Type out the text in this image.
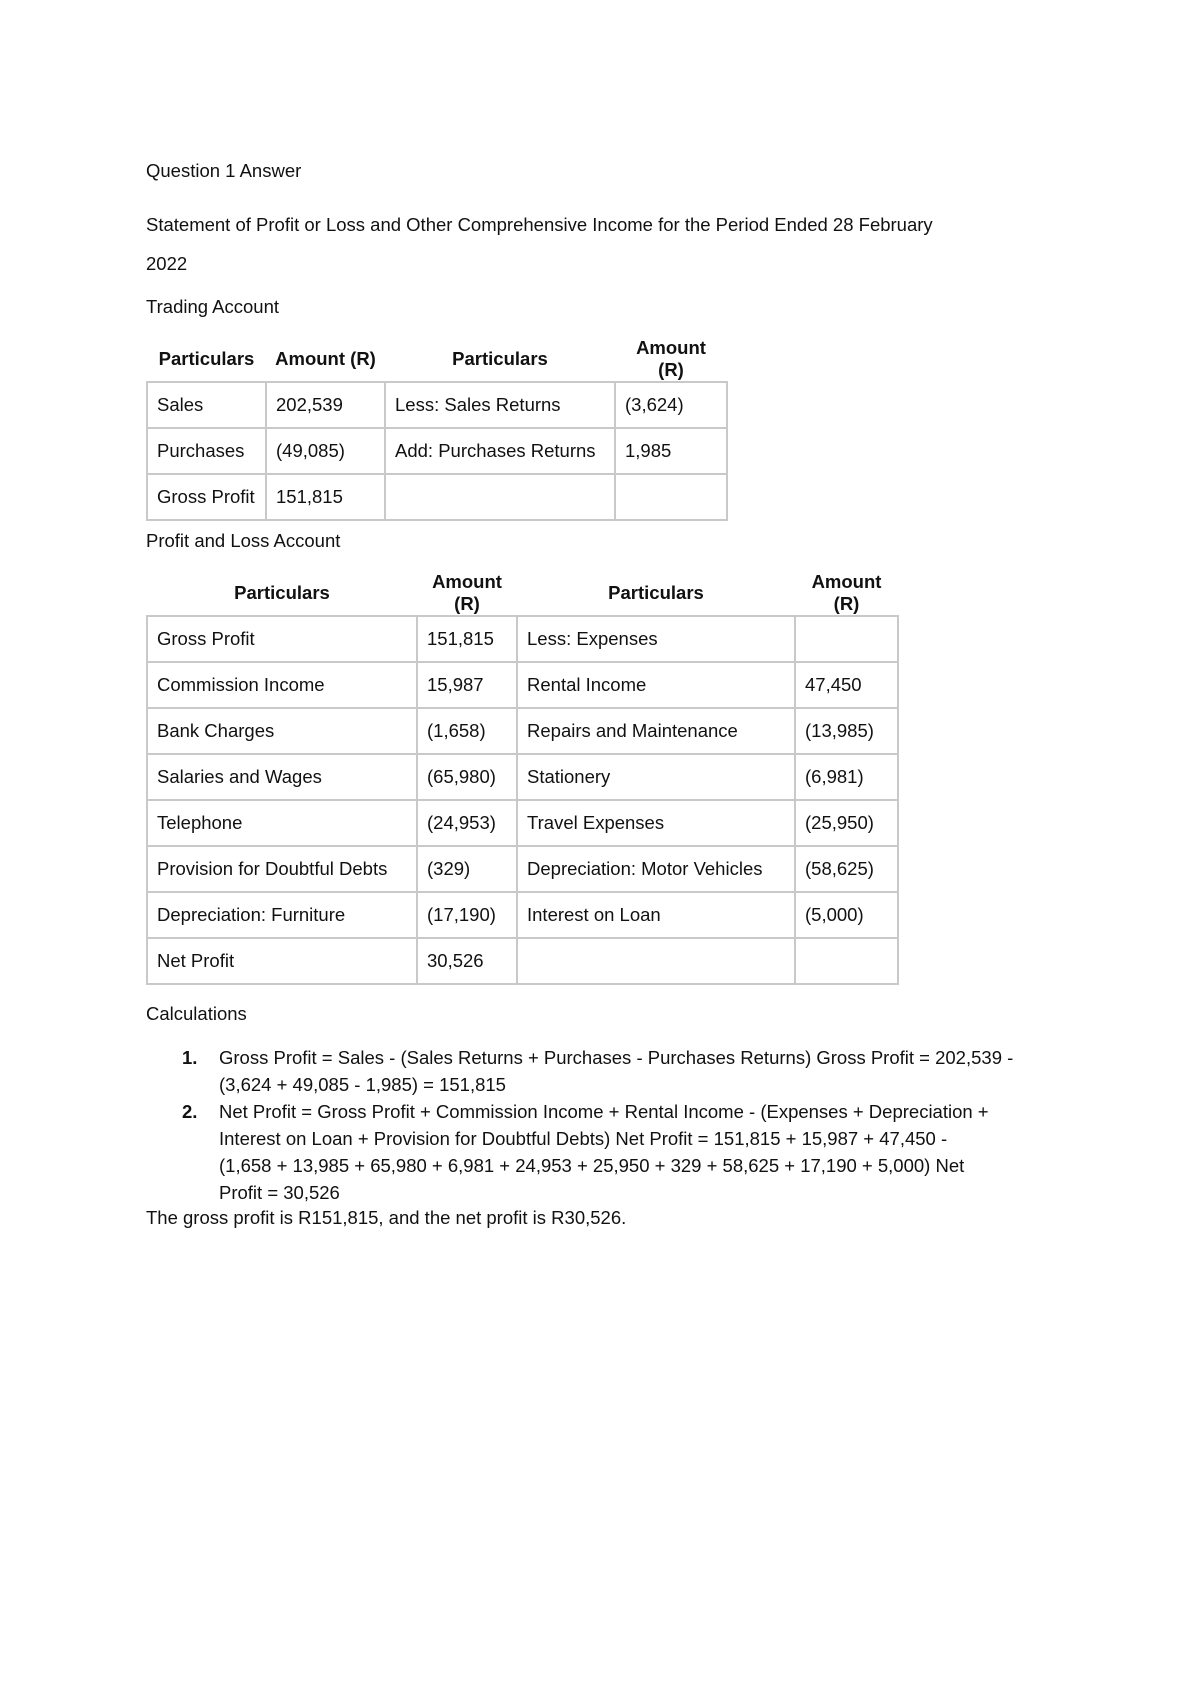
Question 1 Answer
Statement of Profit or Loss and Other Comprehensive Income for the Period Ended 28 February
2022
Trading Account
Particulars	Amount (R)	Particulars	Amount (R)
Sales	202,539	Less: Sales Returns	(3,624)
Purchases	(49,085)	Add: Purchases Returns	1,985
Gross Profit	151,815		
Profit and Loss Account
Particulars	Amount (R)	Particulars	Amount (R)
Gross Profit	151,815	Less: Expenses	
Commission Income	15,987	Rental Income	47,450
Bank Charges	(1,658)	Repairs and Maintenance	(13,985)
Salaries and Wages	(65,980)	Stationery	(6,981)
Telephone	(24,953)	Travel Expenses	(25,950)
Provision for Doubtful Debts	(329)	Depreciation: Motor Vehicles	(58,625)
Depreciation: Furniture	(17,190)	Interest on Loan	(5,000)
Net Profit	30,526		
Calculations
1. Gross Profit = Sales - (Sales Returns + Purchases - Purchases Returns) Gross Profit = 202,539 -
(3,624 + 49,085 - 1,985) = 151,815
2. Net Profit = Gross Profit + Commission Income + Rental Income - (Expenses + Depreciation +
Interest on Loan + Provision for Doubtful Debts) Net Profit = 151,815 + 15,987 + 47,450 -
(1,658 + 13,985 + 65,980 + 6,981 + 24,953 + 25,950 + 329 + 58,625 + 17,190 + 5,000) Net
Profit = 30,526
The gross profit is R151,815, and the net profit is R30,526.
